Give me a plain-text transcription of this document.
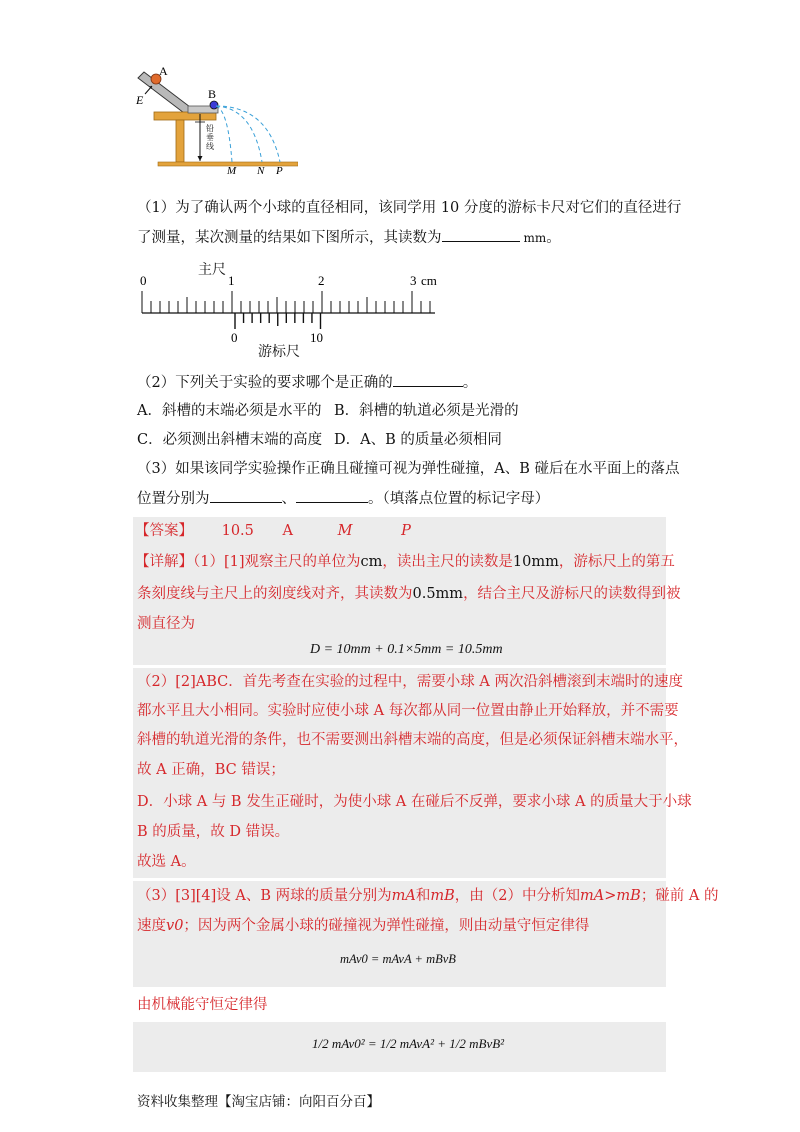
A
B
E
M N P
铅垂线
（1）为了确认两个小球的直径相同，该同学用 10 分度的游标卡尺对它们的直径进行
了测量，某次测量的结果如下图所示，其读数为	mm。
0	1	2	3 cm
0	10
主尺
游标尺
（2）下列关于实验的要求哪个是正确的	。
A．斜槽的末端必须是水平的 B．斜槽的轨道必须是光滑的
C．必须测出斜槽末端的高度 D．A、B 的质量必须相同
（3）如果该同学实验操作正确且碰撞可视为弹性碰撞，A、B 碰后在水平面上的落点
位置分别为	、	。（填落点位置的标记字母）
【答案】 10.5 A	M	P
【详解】（1）[1]观察主尺的单位为cm，读出主尺的读数是10mm，游标尺上的第五
条刻度线与主尺上的刻度线对齐，其读数为0.5mm，结合主尺及游标尺的读数得到被
测直径为
D = 10mm + 0.1×5mm = 10.5mm
（2）[2]ABC．首先考查在实验的过程中，需要小球 A 两次沿斜槽滚到末端时的速度
都水平且大小相同。实验时应使小球 A 每次都从同一位置由静止开始释放，并不需要
斜槽的轨道光滑的条件，也不需要测出斜槽末端的高度，但是必须保证斜槽末端水平，
故 A 正确，BC 错误；
D．小球 A 与 B 发生正碰时，为使小球 A 在碰后不反弹，要求小球 A 的质量大于小球
B 的质量，故 D 错误。
故选 A。
（3）[3][4]设 A、B 两球的质量分别为mA和mB，由（2）中分析知mA>mB；碰前 A 的
速度v0；因为两个金属小球的碰撞视为弹性碰撞，则由动量守恒定律得
mAv0 = mAvA + mBvB
由机械能守恒定律得
1/2 mAv0² = 1/2 mAvA² + 1/2 mBvB²
资料收集整理【淘宝店铺：向阳百分百】
